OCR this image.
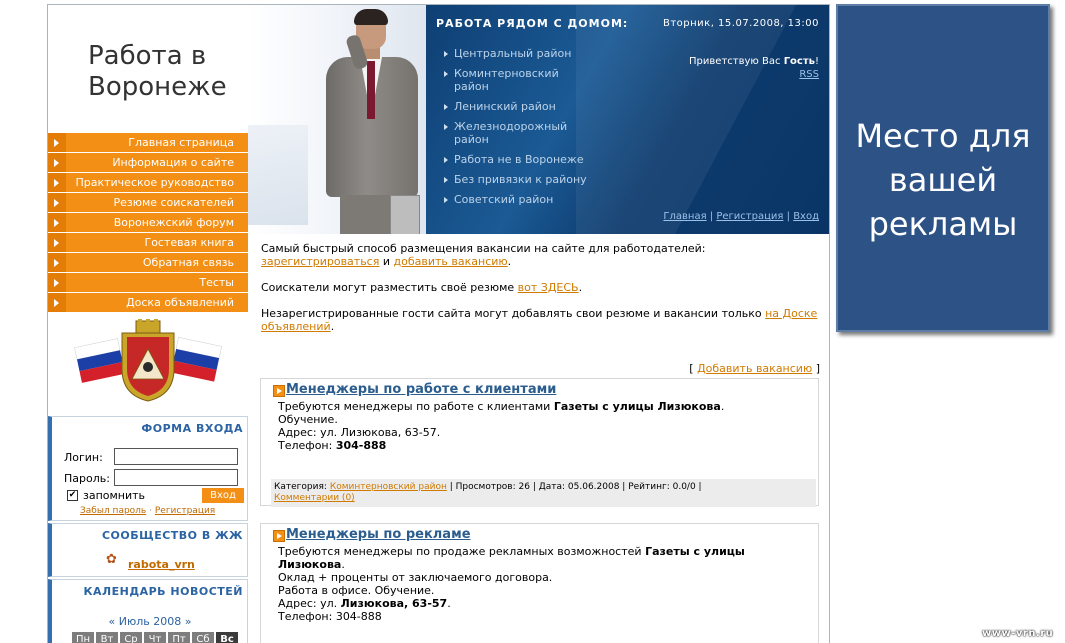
Работа в Воронеже
РАБОТА РЯДОМ С ДОМОМ:	Вторник, 15.07.2008, 13:00
Центральный район
Коминтерновский район
Ленинский район
Железнодорожный район
Работа не в Воронеже
Без привязки к району
Советский район
Приветствую Вас Гость!
RSS
Главная | Регистрация | Вход
Главная страница
Информация о сайте
Практическое руководство
Резюме соискателей
Воронежский форум
Гостевая книга
Обратная связь
Тесты
Доска объявлений
ФОРМА ВХОДА
Логин:
Пароль:
✔ запомнить	Вход
Забыл пароль · Регистрация
СООБЩЕСТВО В ЖЖ
✿	rabota_vrn
КАЛЕНДАРЬ НОВОСТЕЙ
« Июль 2008 »
Пн	Вт	Ср	Чт	Пт	Сб	Вс

Самый быстрый способ размещения вакансии на сайте для работодателей:
зарегистрироваться и добавить вакансию.

Соискатели могут разместить своё резюме вот ЗДЕСЬ.

Незарегистрированные гости сайта могут добавлять свои резюме и вакансии только на Доске объявлений.

[ Добавить вакансию ]
Менеджеры по работе с клиентами
Требуются менеджеры по работе с клиентами Газеты с улицы Лизюкова.
Обучение.
Адрес: ул. Лизюкова, 63-57.
Телефон: 304-888
Категория: Коминтерновский район | Просмотров: 26 | Дата: 05.06.2008 | Рейтинг: 0.0/0 |
Комментарии (0)
Менеджеры по рекламе
Требуются менеджеры по продаже рекламных возможностей Газеты с улицы Лизюкова.
Оклад + проценты от заключаемого договора.
Работа в офисе. Обучение.
Адрес: ул. Лизюкова, 63-57.
Телефон: 304-888
Место для
вашей
рекламы
www-vrn.ru
